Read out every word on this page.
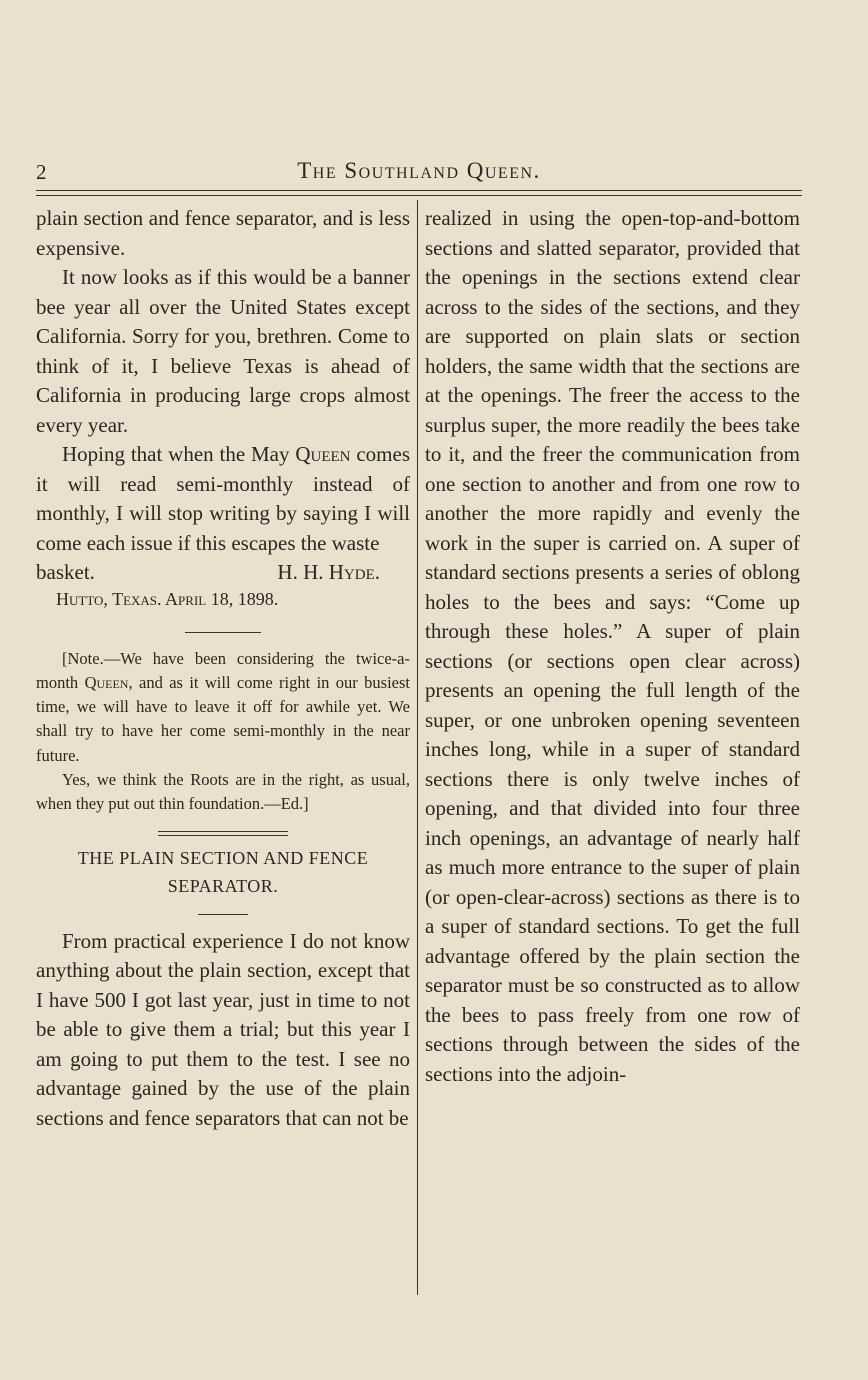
2	The Southland Queen.

plain section and fence separator, and is less expensive.

It now looks as if this would be a banner bee year all over the United States except California. Sorry for you, brethren. Come to think of it, I believe Texas is ahead of California in producing large crops almost every year.

Hoping that when the May Queen comes it will read semi-monthly instead of monthly, I will stop writing by saying I will come each issue if this escapes the waste

basket.	H. H. Hyde.
Hutto, Texas. April 18, 1898.

[Note.—We have been considering the twice-a-month Queen, and as it will come right in our busiest time, we will have to leave it off for awhile yet. We shall try to have her come semi-monthly in the near future.

Yes, we think the Roots are in the right, as usual, when they put out thin foundation.—Ed.]

THE PLAIN SECTION AND FENCE SEPARATOR.

From practical experience I do not know anything about the plain section, except that I have 500 I got last year, just in time to not be able to give them a trial; but this year I am going to put them to the test. I see no advantage gained by the use of the plain sections and fence separators that can not be

realized in using the open-top-and-bottom sections and slatted separator, provided that the openings in the sections extend clear across to the sides of the sections, and they are supported on plain slats or section holders, the same width that the sections are at the openings. The freer the access to the surplus super, the more readily the bees take to it, and the freer the communication from one section to another and from one row to another the more rapidly and evenly the work in the super is carried on. A super of standard sections presents a series of oblong holes to the bees and says: “Come up through these holes.” A super of plain sections (or sections open clear across) presents an opening the full length of the super, or one unbroken opening seventeen inches long, while in a super of standard sections there is only twelve inches of opening, and that divided into four three inch openings, an advantage of nearly half as much more entrance to the super of plain (or open-clear-across) sections as there is to a super of standard sections. To get the full advantage offered by the plain section the separator must be so constructed as to allow the bees to pass freely from one row of sections through between the sides of the sections into the adjoin-
